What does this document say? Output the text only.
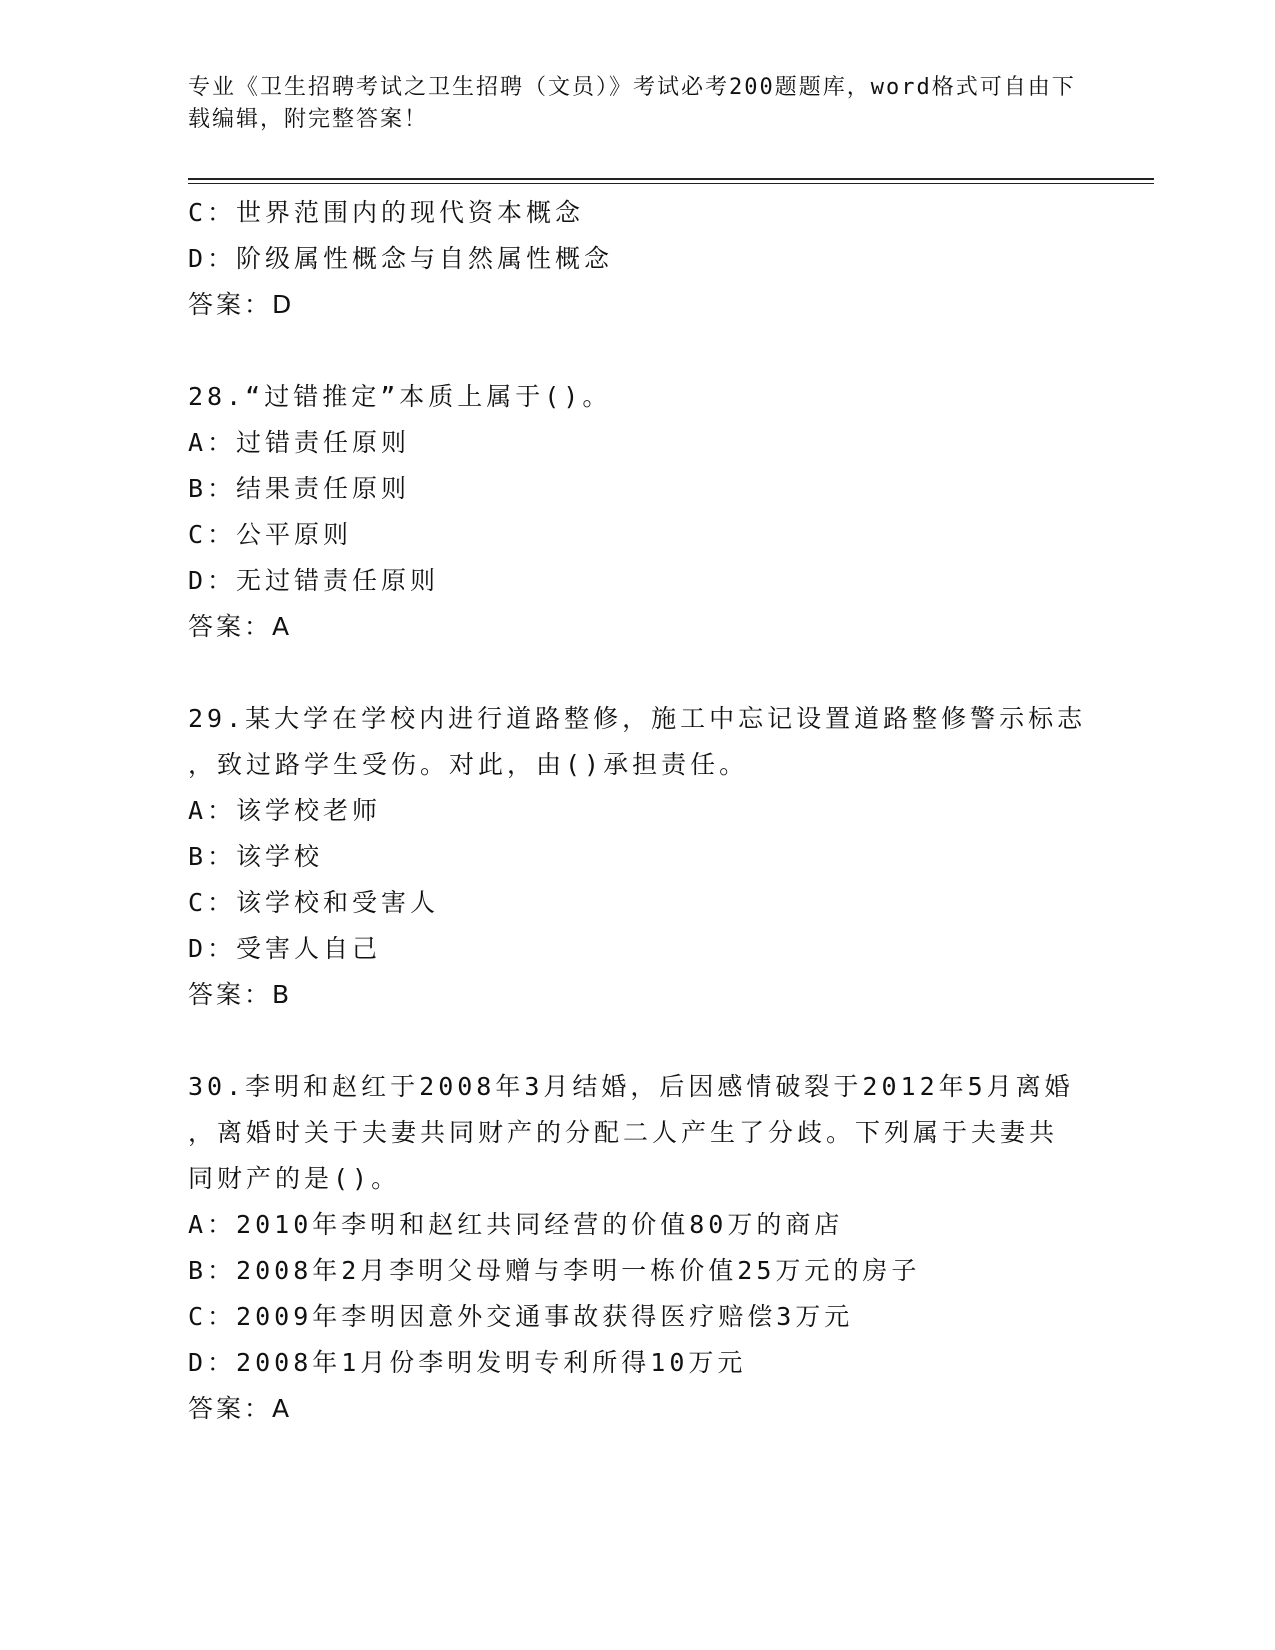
专业《卫生招聘考试之卫生招聘（文员）》考试必考200题题库，word格式可自由下载编辑，附完整答案！
C：世界范围内的现代资本概念
D：阶级属性概念与自然属性概念
答案：D
28.“过错推定”本质上属于()。
A：过错责任原则
B：结果责任原则
C：公平原则
D：无过错责任原则
答案：A
29.某大学在学校内进行道路整修，施工中忘记设置道路整修警示标志
，致过路学生受伤。对此，由()承担责任。
A：该学校老师
B：该学校
C：该学校和受害人
D：受害人自己
答案：B
30.李明和赵红于2008年3月结婚，后因感情破裂于2012年5月离婚
，离婚时关于夫妻共同财产的分配二人产生了分歧。下列属于夫妻共
同财产的是()。
A：2010年李明和赵红共同经营的价值80万的商店
B：2008年2月李明父母赠与李明一栋价值25万元的房子
C：2009年李明因意外交通事故获得医疗赔偿3万元
D：2008年1月份李明发明专利所得10万元
答案：A
